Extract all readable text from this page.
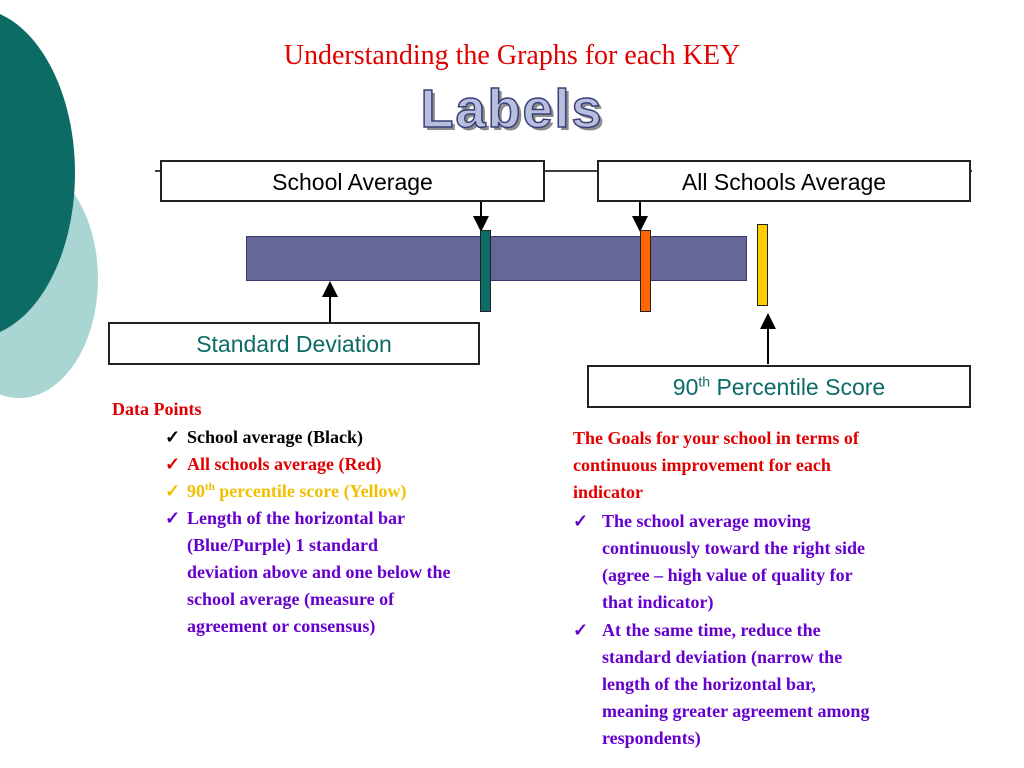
Understanding the Graphs for each KEY
Labels
School Average	All Schools Average
Standard Deviation
90th Percentile Score
Data Points
✓ School average (Black)
✓ All schools average (Red)
✓ 90th percentile score (Yellow)
✓ Length of the horizontal bar
(Blue/Purple) 1 standard
deviation above and one below the
school average (measure of
agreement or consensus)
The Goals for your school in terms of
continuous improvement for each
indicator
✓ The school average moving
continuously toward the right side
(agree – high value of quality for
that indicator)
✓ At the same time, reduce the
standard deviation (narrow the
length of the horizontal bar,
meaning greater agreement among
respondents)
